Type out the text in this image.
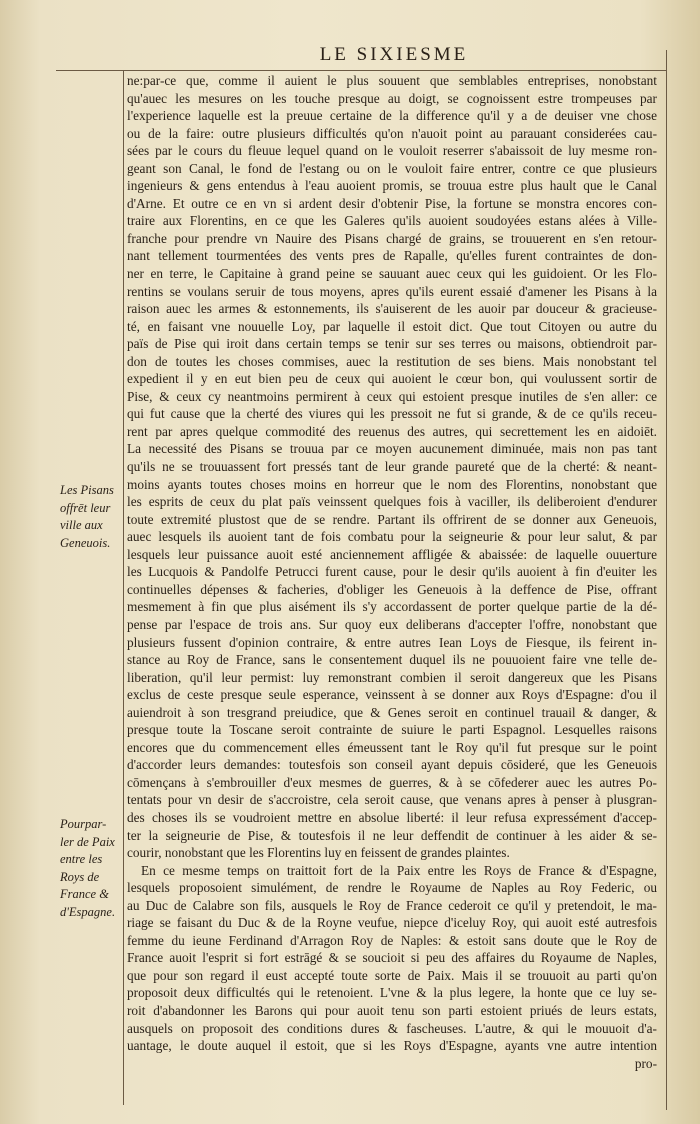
LE SIXIESME
Les Pisans
offrēt leur
ville aux
Geneuois.
Pourpar-
ler de Paix
entre les
Roys de
France &
d'Espagne.
ne:par-ce que, comme il auient le plus souuent que semblables entreprises, nonobstant
qu'auec les mesures on les touche presque au doigt, se cognoissent estre trompeuses par
l'experience laquelle est la preuue certaine de la difference qu'il y a de deuiser vne chose
ou de la faire: outre plusieurs difficultés qu'on n'auoit point au parauant considerées cau-
sées par le cours du fleuue lequel quand on le vouloit reserrer s'abaissoit de luy mesme ron-
geant son Canal, le fond de l'estang ou on le vouloit faire entrer, contre ce que plusieurs
ingenieurs & gens entendus à l'eau auoient promis, se trouua estre plus hault que le Canal
d'Arne. Et outre ce en vn si ardent desir d'obtenir Pise, la fortune se monstra encores con-
traire aux Florentins, en ce que les Galeres qu'ils auoient soudoyées estans alées à Ville-
franche pour prendre vn Nauire des Pisans chargé de grains, se trouuerent en s'en retour-
nant tellement tourmentées des vents pres de Rapalle, qu'elles furent contraintes de don-
ner en terre, le Capitaine à grand peine se sauuant auec ceux qui les guidoient. Or les Flo-
rentins se voulans seruir de tous moyens, apres qu'ils eurent essaié d'amener les Pisans à la
raison auec les armes & estonnements, ils s'auiserent de les auoir par douceur & gracieuse-
té, en faisant vne nouuelle Loy, par laquelle il estoit dict. Que tout Citoyen ou autre du
païs de Pise qui iroit dans certain temps se tenir sur ses terres ou maisons, obtiendroit par-
don de toutes les choses commises, auec la restitution de ses biens. Mais nonobstant tel
expedient il y en eut bien peu de ceux qui auoient le cœur bon, qui voulussent sortir de
Pise, & ceux cy neantmoins permirent à ceux qui estoient presque inutiles de s'en aller: ce
qui fut cause que la cherté des viures qui les pressoit ne fut si grande, & de ce qu'ils receu-
rent par apres quelque commodité des reuenus des autres, qui secrettement les en aidoiēt.
La necessité des Pisans se trouua par ce moyen aucunement diminuée, mais non pas tant
qu'ils ne se trouuassent fort pressés tant de leur grande paureté que de la cherté: & neant-
moins ayants toutes choses moins en horreur que le nom des Florentins, nonobstant que
les esprits de ceux du plat païs veinssent quelques fois à vaciller, ils deliberoient d'endurer
toute extremité plustost que de se rendre. Partant ils offrirent de se donner aux Geneuois,
auec lesquels ils auoient tant de fois combatu pour la seigneurie & pour leur salut, & par
lesquels leur puissance auoit esté anciennement affligée & abaissée: de laquelle ouuerture
les Lucquois & Pandolfe Petrucci furent cause, pour le desir qu'ils auoient à fin d'euiter les
continuelles dépenses & facheries, d'obliger les Geneuois à la deffence de Pise, offrant
mesmement à fin que plus aisément ils s'y accordassent de porter quelque partie de la dé-
pense par l'espace de trois ans. Sur quoy eux deliberans d'accepter l'offre, nonobstant que
plusieurs fussent d'opinion contraire, & entre autres Iean Loys de Fiesque, ils feirent in-
stance au Roy de France, sans le consentement duquel ils ne pouuoient faire vne telle de-
liberation, qu'il leur permist: luy remonstrant combien il seroit dangereux que les Pisans
exclus de ceste presque seule esperance, veinssent à se donner aux Roys d'Espagne: d'ou il
auiendroit à son tresgrand preiudice, que & Genes seroit en continuel trauail & danger, &
presque toute la Toscane seroit contrainte de suiure le parti Espagnol. Lesquelles raisons
encores que du commencement elles émeussent tant le Roy qu'il fut presque sur le point
d'accorder leurs demandes: toutesfois son conseil ayant depuis cōsideré, que les Geneuois
cōmençans à s'embrouiller d'eux mesmes de guerres, & à se cōfederer auec les autres Po-
tentats pour vn desir de s'accroistre, cela seroit cause, que venans apres à penser à plusgran-
des choses ils se voudroient mettre en absolue liberté: il leur refusa expressément d'accep-
ter la seigneurie de Pise, & toutesfois il ne leur deffendit de continuer à les aider & se-
courir, nonobstant que les Florentins luy en feissent de grandes plaintes.
En ce mesme temps on traittoit fort de la Paix entre les Roys de France & d'Espagne,
lesquels proposoient simulément, de rendre le Royaume de Naples au Roy Federic, ou
au Duc de Calabre son fils, ausquels le Roy de France cederoit ce qu'il y pretendoit, le ma-
riage se faisant du Duc & de la Royne veufue, niepce d'iceluy Roy, qui auoit esté autresfois
femme du ieune Ferdinand d'Arragon Roy de Naples: & estoit sans doute que le Roy de
France auoit l'esprit si fort estrāgé & se soucioit si peu des affaires du Royaume de Naples,
que pour son regard il eust accepté toute sorte de Paix. Mais il se trouuoit au parti qu'on
proposoit deux difficultés qui le retenoient. L'vne & la plus legere, la honte que ce luy se-
roit d'abandonner les Barons qui pour auoit tenu son parti estoient priués de leurs estats,
ausquels on proposoit des conditions dures & fascheuses. L'autre, & qui le mouuoit d'a-
uantage, le doute auquel il estoit, que si les Roys d'Espagne, ayants vne autre intention
pro-
